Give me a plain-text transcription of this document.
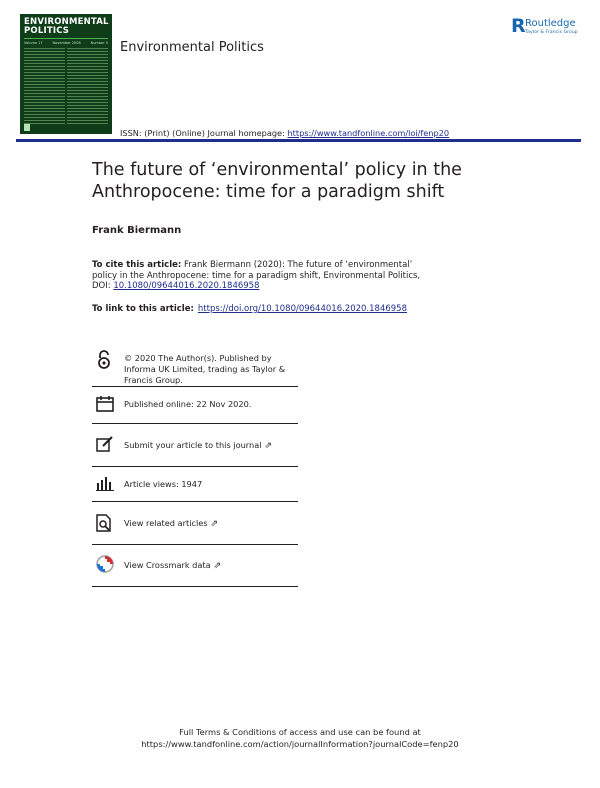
ENVIRONMENTAL
POLITICS
Volume 17	November 2008	Number 5
R Routledge
Taylor & Francis Group
Environmental Politics
ISSN: (Print) (Online) Journal homepage: https://www.tandfonline.com/loi/fenp20
The future of ‘environmental’ policy in the Anthropocene: time for a paradigm shift
Frank Biermann
To cite this article: Frank Biermann (2020): The future of ‘environmental’ policy in the Anthropocene: time for a paradigm shift, Environmental Politics, DOI: 10.1080/09644016.2020.1846958
To link to this article: https://doi.org/10.1080/09644016.2020.1846958
© 2020 The Author(s). Published by Informa UK Limited, trading as Taylor & Francis Group.
Published online: 22 Nov 2020.
Submit your article to this journal ⇗
Article views: 1947
View related articles ⇗
View Crossmark data ⇗
Full Terms & Conditions of access and use can be found at
https://www.tandfonline.com/action/journalInformation?journalCode=fenp20
